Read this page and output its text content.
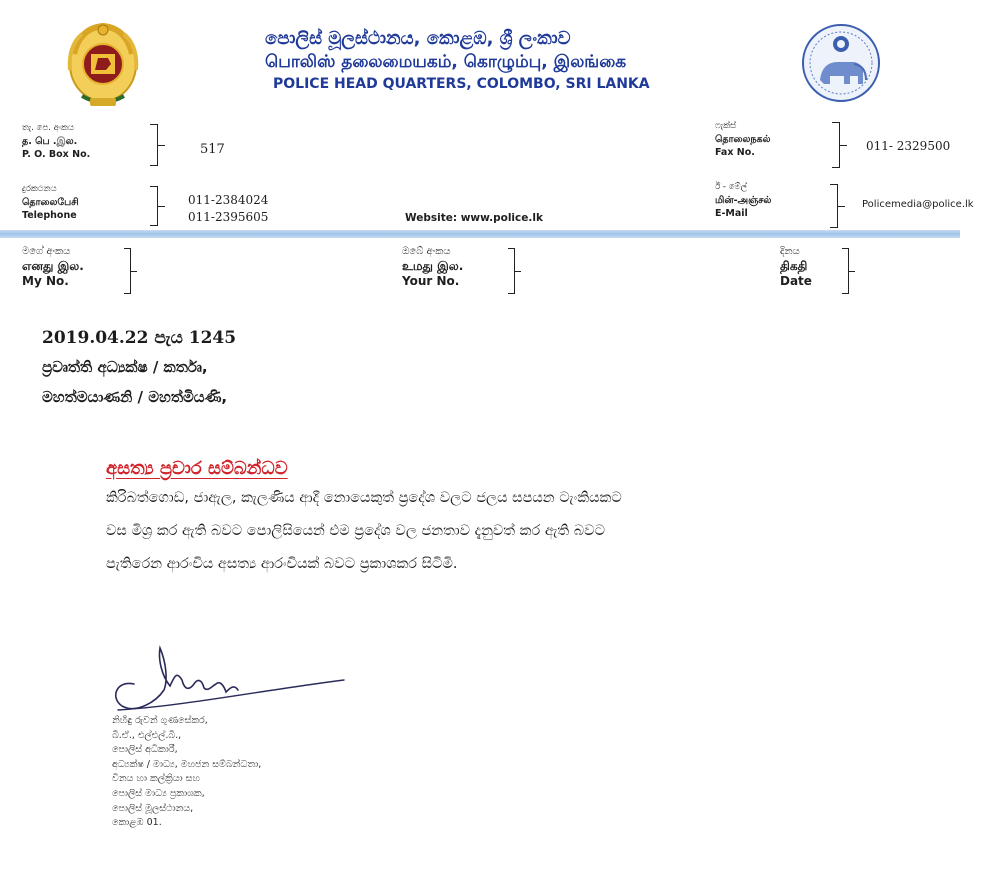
පොලිස් මූලස්ථානය, කොළඹ, ශ්‍රී ලංකාව
பொலிஸ் தலைமையகம், கொழும்பு, இலங்கை
POLICE HEAD QUARTERS, COLOMBO, SRI LANKA
තැ. පෙ. අංකය
த. பெ .இல.
P. O. Box No.	517
ෆැක්ස්
தொலைநகல்
Fax No.	011- 2329500
දුරකථනය
தொலைபேசி
Telephone
011-2384024
011-2395605	Website: www.police.lk
ඊ - මේල්
மின்-அஞ்சல்
E-Mail
Policemedia@police.lk
මගේ අංකය
எனது இல.
My No.
ඔබේ අංකය
உமது இல.
Your No.
දිනය
திகதி
Date
2019.04.22 පැය 1245
ප්‍රවෘත්ති අධ්‍යක්ෂ / කර්තෘ,
මහත්මයාණනි / මහත්මියණි,
අසත්‍ය ප්‍රචාර සම්බන්ධව
කිරිබත්ගොඩ, ජාඇල, කැලණිය ආදී නොයෙකුත් ප්‍රදේශ වලට ජලය සපයන ටැංකියකට
වස මිශ්‍ර කර ඇති බවට පොලිසියෙන් එම ප්‍රදේශ වල ජනතාව දැනුවත් කර ඇති බවට
පැතිරෙන ආරංචිය අසත්‍ය ආරංචියක් බවට ප්‍රකාශකර සිටිමි.
නිහිඳු රුවන් ගුණසේකර,
බී.ඒ., එල්එල්.බී.,
පොලිස් අධිකාරී,
අධ්‍යක්ෂ / මාධ්‍ය, මහජන සම්බන්ධතා,
විනය හා කල්ක්‍රියා සහ
පොලිස් මාධ්‍ය ප්‍රකාශක,
පොලිස් මූලස්ථානය,
කොළඹ 01.
